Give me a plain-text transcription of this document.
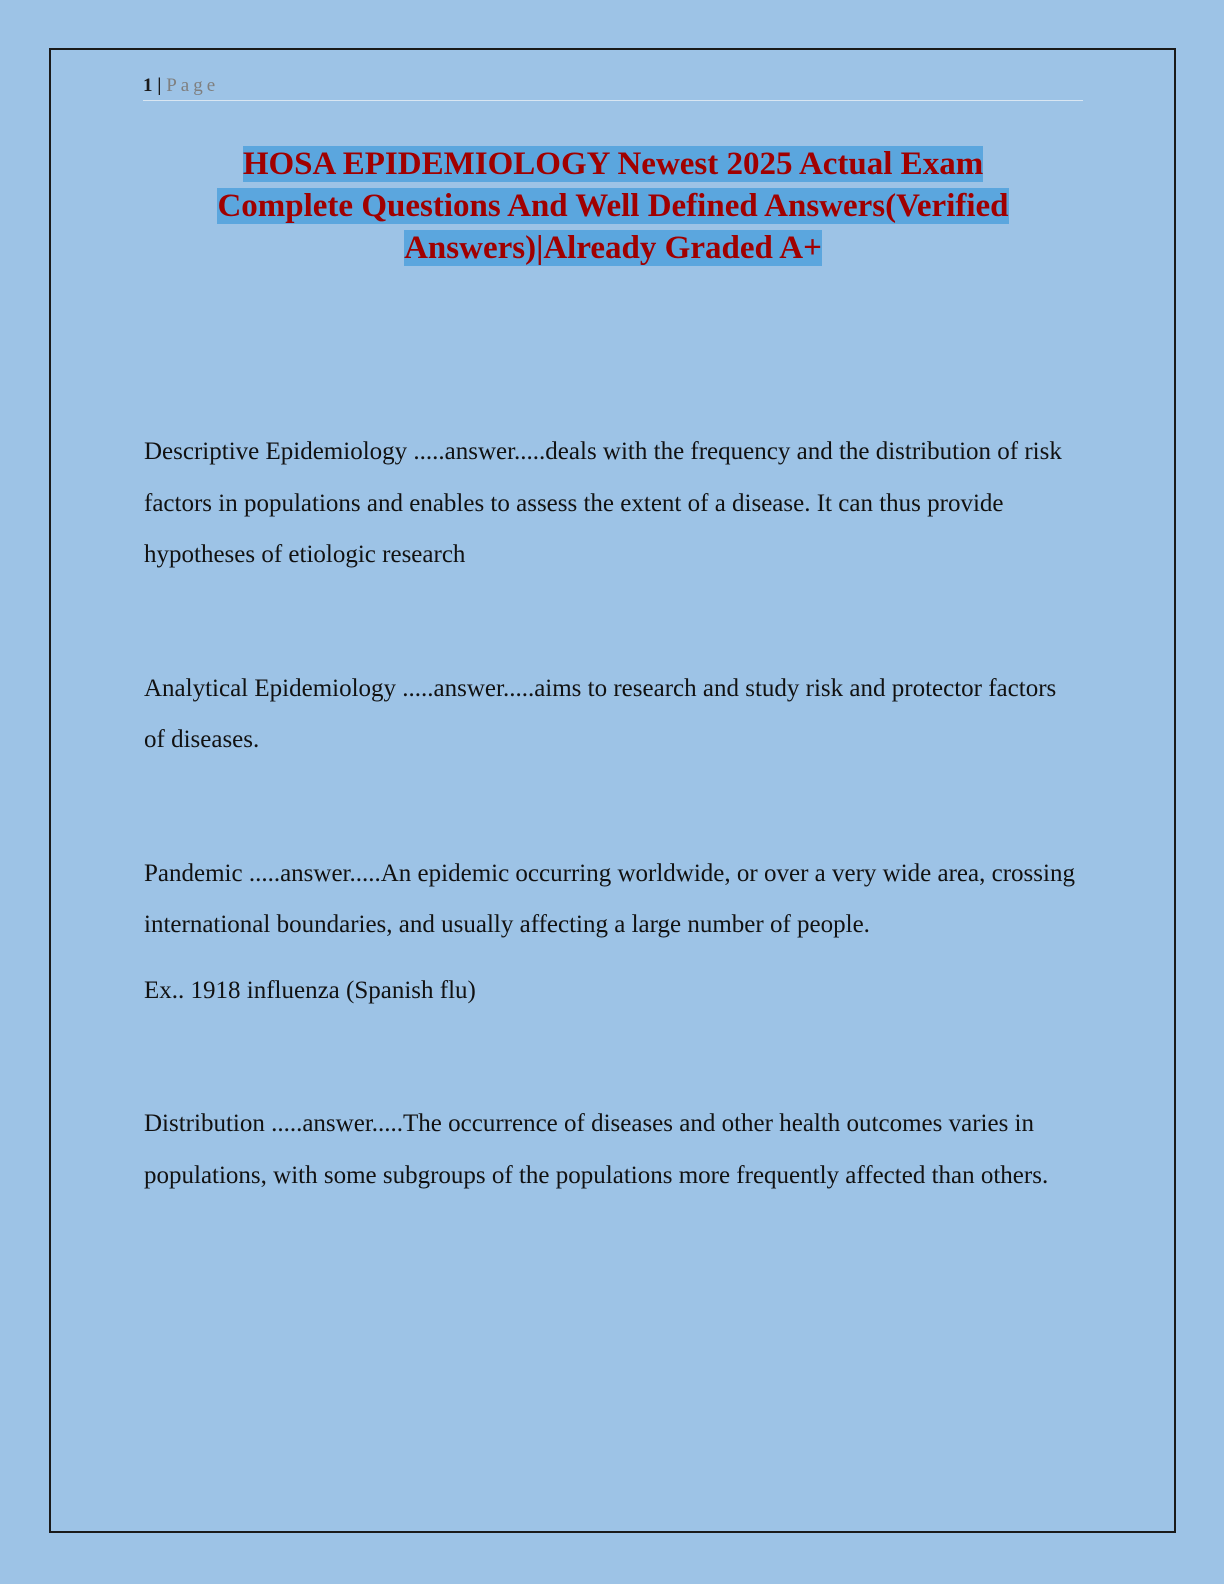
1 | Page
HOSA EPIDEMIOLOGY Newest 2025 Actual Exam
Complete Questions And Well Defined Answers(Verified
Answers)|Already Graded A+

Descriptive Epidemiology .....answer.....deals with the frequency and the distribution of risk factors in populations and enables to assess the extent of a disease. It can thus provide hypotheses of etiologic research

Analytical Epidemiology .....answer.....aims to research and study risk and protector factors of diseases.

Pandemic .....answer.....An epidemic occurring worldwide, or over a very wide area, crossing international boundaries, and usually affecting a large number of people.

Ex.. 1918 influenza (Spanish flu)

Distribution .....answer.....The occurrence of diseases and other health outcomes varies in populations, with some subgroups of the populations more frequently affected than others.
